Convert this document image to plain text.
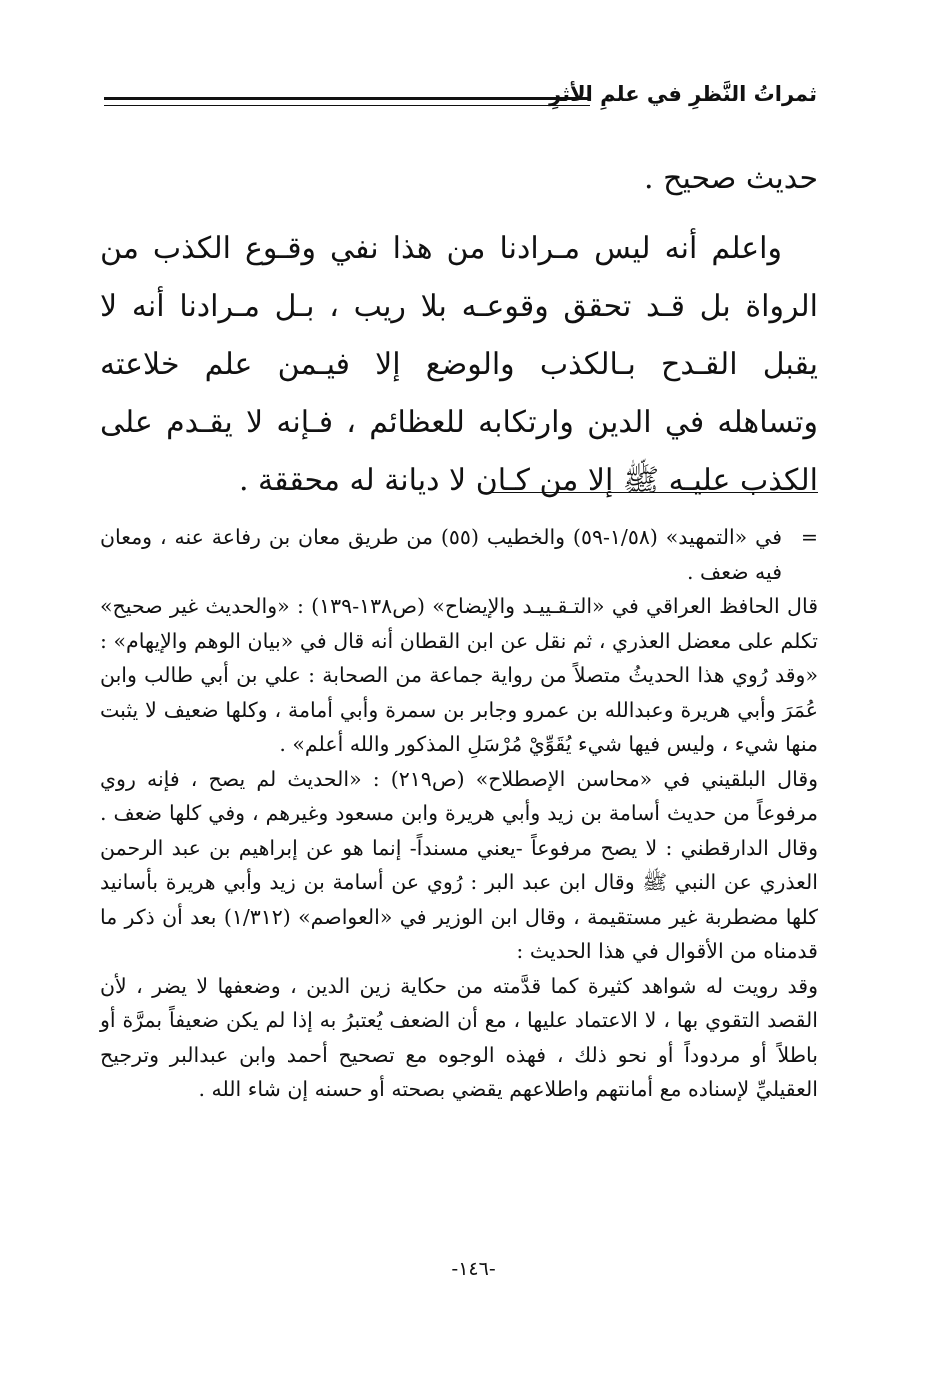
ثمراتُ النَّظرِ في علمِ الأثرِ

حديث صحيح .

واعلم أنه ليس مـرادنا من هذا نفي وقـوع الكذب من الرواة بل قـد تحقق وقوعـه بلا ريب ، بـل مـرادنا أنه لا يقبل القـدح بـالكذب والوضع إلا فيـمن علم خلاعته وتساهله في الدين وارتكابه للعظائم ، فـإنه لا يقـدم على الكذب عليـه ﷺ إلا من كـان لا ديانة له محققة .

=
في «التمهيد» (١/٥٨-٥٩) والخطيب (٥٥) من طريق معان بن رفاعة عنه ، ومعان فيه ضعف .

قال الحافظ العراقي في «التـقـييـد والإيضاح» (ص١٣٨-١٣٩) : «والحديث غير صحيح» تكلم على معضل العذري ، ثم نقل عن ابن القطان أنه قال في «بيان الوهم والإيهام» : «وقد رُوي هذا الحديثُ متصلاً من رواية جماعة من الصحابة : علي بن أبي طالب وابن عُمَرَ وأبي هريرة وعبدالله بن عمرو وجابر بن سمرة وأبي أمامة ، وكلها ضعيف لا يثبت منها شيء ، وليس فيها شيء يُقَوِّيْ مُرْسَلِ المذكور والله أعلم» .

وقال البلقيني في «محاسن الإصطلاح» (ص٢١٩) : «الحديث لم يصح ، فإنه روي مرفوعاً من حديث أسامة بن زيد وأبي هريرة وابن مسعود وغيرهم ، وفي كلها ضعف . وقال الدارقطني : لا يصح مرفوعاً -يعني مسنداً- إنما هو عن إبراهيم بن عبد الرحمن العذري عن النبي ﷺ وقال ابن عبد البر : رُوي عن أسامة بن زيد وأبي هريرة بأسانيد كلها مضطربة غير مستقيمة ، وقال ابن الوزير في «العواصم» (١/٣١٢) بعد أن ذكر ما قدمناه من الأقوال في هذا الحديث :

وقد رويت له شواهد كثيرة كما قدَّمته من حكاية زين الدين ، وضعفها لا يضر ، لأن القصد التقوي بها ، لا الاعتماد عليها ، مع أن الضعف يُعتبرُ به إذا لم يكن ضعيفاً بمرَّة أو باطلاً أو مردوداً أو نحو ذلك ، فهذه الوجوه مع تصحيح أحمد وابن عبدالبر وترجيح العقيليِّ لإسناده مع أمانتهم واطلاعهم يقضي بصحته أو حسنه إن شاء الله .

-١٤٦-
